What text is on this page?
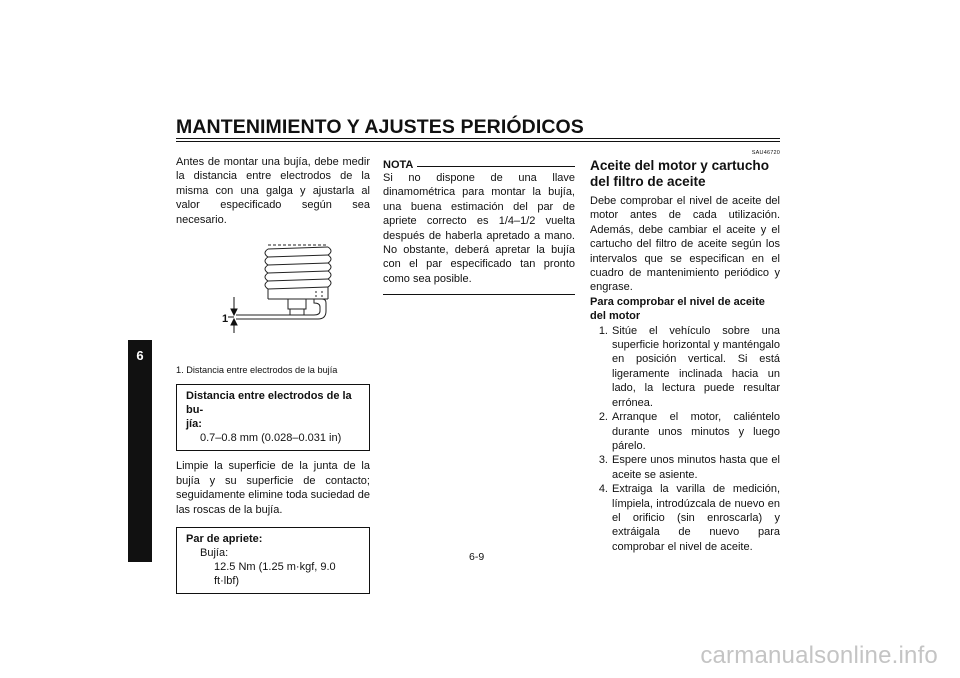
MANTENIMIENTO Y AJUSTES PERIÓDICOS
6

Antes de montar una bujía, debe medir la distancia entre electrodos de la misma con una galga y ajustarla al valor especificado según sea necesario.

1
1. Distancia entre electrodos de la bujía
Distancia entre electrodos de la bu-
jía:
0.7–0.8 mm (0.028–0.031 in)

Limpie la superficie de la junta de la bujía y su superficie de contacto; seguidamente elimine toda suciedad de las roscas de la bujía.

Par de apriete:
Bujía:
12.5 Nm (1.25 m·kgf, 9.0 ft·lbf)
NOTA

Si no dispone de una llave dinamométrica para montar la bujía, una buena estimación del par de apriete correcto es 1/4–1/2 vuelta después de haberla apretado a mano. No obstante, deberá apretar la bujía con el par especificado tan pronto como sea posible.

SAU46720
Aceite del motor y cartucho del filtro de aceite

Debe comprobar el nivel de aceite del motor antes de cada utilización. Además, debe cambiar el aceite y el cartucho del filtro de aceite según los intervalos que se especifican en el cuadro de mantenimiento periódico y engrase.

Para comprobar el nivel de aceite del motor

1. Sitúe el vehículo sobre una superficie horizontal y manténgalo en posición vertical. Si está ligeramente inclinada hacia un lado, la lectura puede resultar errónea.
2. Arranque el motor, caliéntelo durante unos minutos y luego párelo.
3. Espere unos minutos hasta que el aceite se asiente.
4. Extraiga la varilla de medición, límpiela, introdúzcala de nuevo en el orificio (sin enroscarla) y extráigala de nuevo para comprobar el nivel de aceite.
6-9
carmanualsonline.info
